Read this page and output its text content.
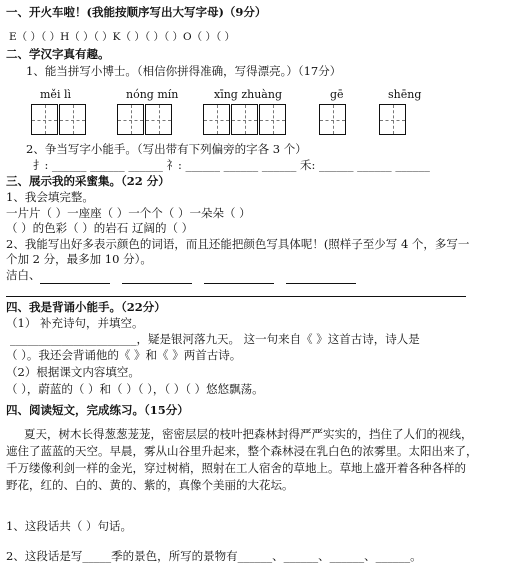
一、开火车啦！(我能按顺序写出大写字母)（9分）
E（ ）（ ）H（ ）（ ）K（ ）（ ）（ ）O（ ）（ ）
二、学汉字真有趣。
1、能当拼写小博士。（相信你拼得准确，写得漂亮。）（17分）
měi lì	nóng mín	xīng zhuàng	gē	shēng
2、争当写字小能手。（写出带有下列偏旁的字各 3 个）
扌: ______ ______ ______ 礻: ______ ______ ______ 禾: ______ ______ ______
三、展示我的采蜜集。（22 分）
1、我会填完整。
一片片（ ）一座座（ ）一个个（ ）一朵朵（ ）
（ ）的色彩（ ）的岩石 辽阔的（ ）
2、我能写出好多表示颜色的词语，而且还能把颜色写具体呢！(照样子至少写 4 个，多写一
个加 2 分，最多加 10 分）。
洁白、
四、我是背诵小能手。（22分）
（1） 补充诗句，并填空。
______________________，疑是银河落九天。 这一句来自《 》这首古诗，诗人是
（ ）。我还会背诵他的《 》和《 》两首古诗。
（2）根据课文内容填空。
（ ），蔚蓝的（ ）和（ ）（ ），（ ）（ ）悠悠飘荡。
四、阅读短文，完成练习。（15分）
夏天，树木长得葱葱茏茏，密密层层的枝叶把森林封得严严实实的，挡住了人们的视线，
遮住了蓝蓝的天空。早晨，雾从山谷里升起来，整个森林浸在乳白色的浓雾里。太阳出来了，
千万缕像利剑一样的金光，穿过树梢，照射在工人宿舍的草地上。草地上盛开着各种各样的
野花，红的、白的、黄的、紫的，真像个美丽的大花坛。
1、这段话共（ ）句话。
2、这段话是写_____季的景色，所写的景物有______、______、______、______。
